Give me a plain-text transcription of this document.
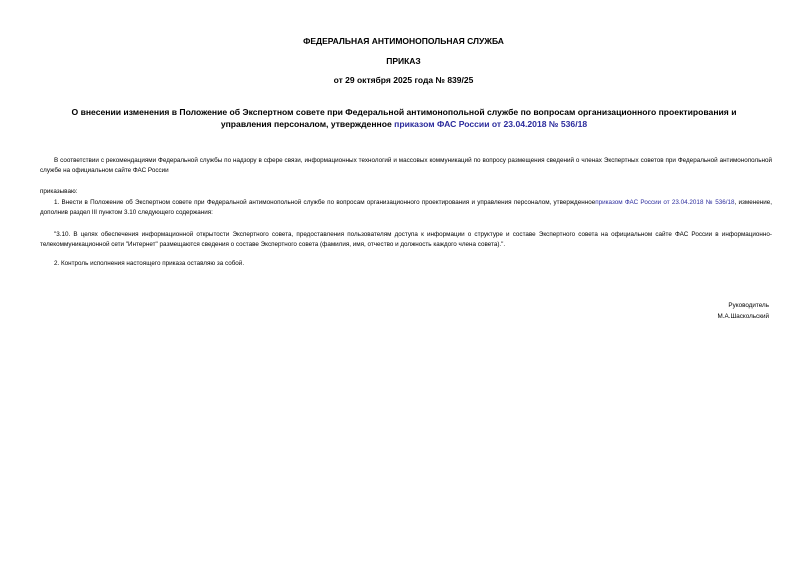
ФЕДЕРАЛЬНАЯ АНТИМОНОПОЛЬНАЯ СЛУЖБА
ПРИКАЗ
от 29 октября 2025 года № 839/25
О внесении изменения в Положение об Экспертном совете при Федеральной антимонопольной службе по вопросам организационного проектирования и управления персоналом, утвержденное приказом ФАС России от 23.04.2018 № 536/18
В соответствии с рекомендациями Федеральной службы по надзору в сфере связи, информационных технологий и массовых коммуникаций по вопросу размещения сведений о членах Экспертных советов при Федеральной антимонопольной службе на официальном сайте ФАС России
приказываю:
1. Внести в Положение об Экспертном совете при Федеральной антимонопольной службе по вопросам организационного проектирования и управления персоналом, утвержденноеприказом ФАС России от 23.04.2018 № 536/18, изменение, дополнив раздел III пунктом 3.10 следующего содержания:
"3.10. В целях обеспечения информационной открытости Экспертного совета, предоставления пользователям доступа к информации о структуре и составе Экспертного совета на официальном сайте ФАС России в информационно-телекоммуникационной сети "Интернет" размещаются сведения о составе Экспертного совета (фамилия, имя, отчество и должность каждого члена совета).".
2. Контроль исполнения настоящего приказа оставляю за собой.
Руководитель
М.А.Шаскольский
